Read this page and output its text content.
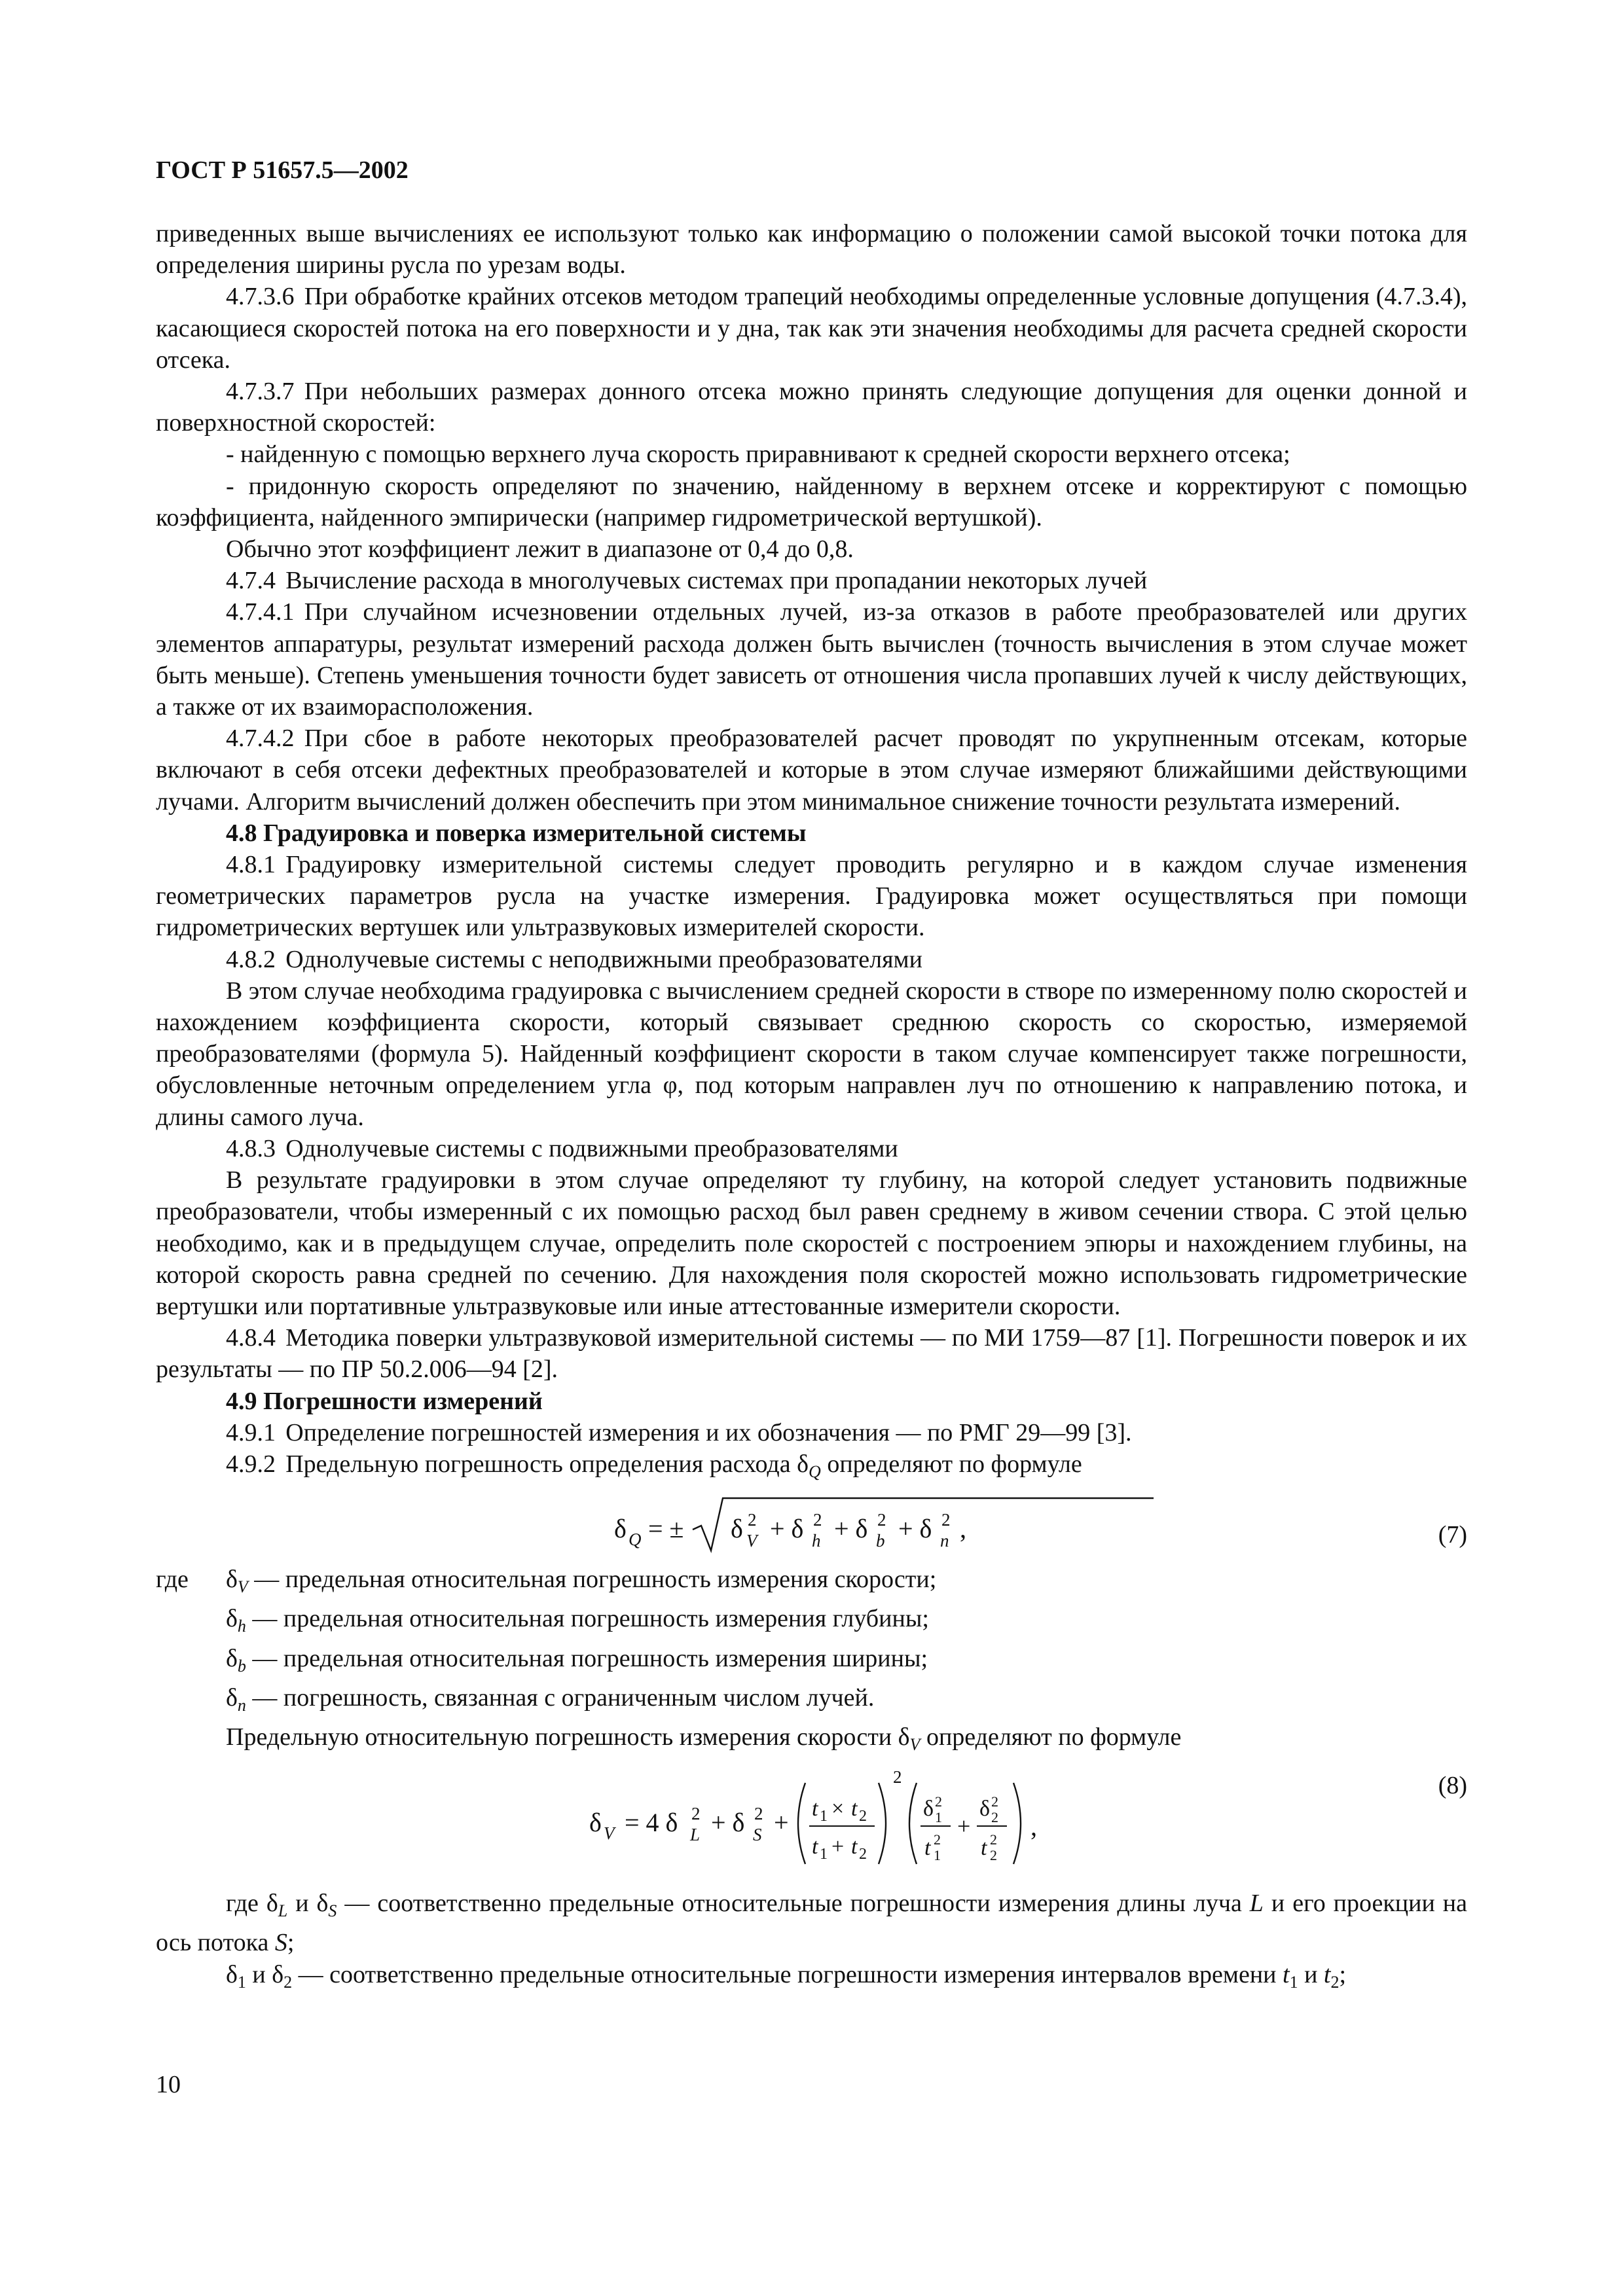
ГОСТ Р 51657.5—2002

приведенных выше вычислениях ее используют только как информацию о положении самой высокой точки потока для определения ширины русла по урезам воды.

4.7.3.6 При обработке крайних отсеков методом трапеций необходимы определенные условные допущения (4.7.3.4), касающиеся скоростей потока на его поверхности и у дна, так как эти значения необходимы для расчета средней скорости отсека.

4.7.3.7 При небольших размерах донного отсека можно принять следующие допущения для оценки донной и поверхностной скоростей:

- найденную с помощью верхнего луча скорость приравнивают к средней скорости верхнего отсека;

- придонную скорость определяют по значению, найденному в верхнем отсеке и корректируют с помощью коэффициента, найденного эмпирически (например гидрометрической вертушкой).

Обычно этот коэффициент лежит в диапазоне от 0,4 до 0,8.

4.7.4 Вычисление расхода в многолучевых системах при пропадании некоторых лучей

4.7.4.1 При случайном исчезновении отдельных лучей, из-за отказов в работе преобразователей или других элементов аппаратуры, результат измерений расхода должен быть вычислен (точность вычисления в этом случае может быть меньше). Степень уменьшения точности будет зависеть от отношения числа пропавших лучей к числу действующих, а также от их взаиморасположения.

4.7.4.2 При сбое в работе некоторых преобразователей расчет проводят по укрупненным отсекам, которые включают в себя отсеки дефектных преобразователей и которые в этом случае измеряют ближайшими действующими лучами. Алгоритм вычислений должен обеспечить при этом минимальное снижение точности результата измерений.

4.8 Градуировка и поверка измерительной системы

4.8.1 Градуировку измерительной системы следует проводить регулярно и в каждом случае изменения геометрических параметров русла на участке измерения. Градуировка может осуществляться при помощи гидрометрических вертушек или ультразвуковых измерителей скорости.

4.8.2 Однолучевые системы с неподвижными преобразователями

В этом случае необходима градуировка с вычислением средней скорости в створе по измеренному полю скоростей и нахождением коэффициента скорости, который связывает среднюю скорость со скоростью, измеряемой преобразователями (формула 5). Найденный коэффициент скорости в таком случае компенсирует также погрешности, обусловленные неточным определением угла φ, под которым направлен луч по отношению к направлению потока, и длины самого луча.

4.8.3 Однолучевые системы с подвижными преобразователями

В результате градуировки в этом случае определяют ту глубину, на которой следует установить подвижные преобразователи, чтобы измеренный с их помощью расход был равен среднему в живом сечении створа. С этой целью необходимо, как и в предыдущем случае, определить поле скоростей с построением эпюры и нахождением глубины, на которой скорость равна средней по сечению. Для нахождения поля скоростей можно использовать гидрометрические вертушки или портативные ультразвуковые или иные аттестованные измерители скорости.

4.8.4 Методика поверки ультразвуковой измерительной системы — по МИ 1759—87 [1]. Погрешности поверок и их результаты — по ПР 50.2.006—94 [2].

4.9 Погрешности измерений

4.9.1 Определение погрешностей измерения и их обозначения — по РМГ 29—99 [3].

4.9.2 Предельную погрешность определения расхода $\delta_Q$ определяют по формуле

δ Q = ± δ 2
V + δ 2
h + δ 2
b + δ 2
n ,	(7)
где $\delta_V$ — предельная относительная погрешность измерения скорости;
$\delta_h$ — предельная относительная погрешность измерения глубины;
$\delta_b$ — предельная относительная погрешность измерения ширины;
$\delta_n$ — погрешность, связанная с ограниченным числом лучей.

Предельную относительную погрешность измерения скорости $\delta_V$ определяют по формуле

δ V = 4 δ 2
L + δ 2
S + t 1 × t 2
t 1 + t 2
2
δ 2
1
t 2
1
+
δ 2
2
t 2
2
,
(8)

где $\delta_L$ и $\delta_S$ — соответственно предельные относительные погрешности измерения длины луча L и его проекции на ось потока S;

$\delta_1$ и $\delta_2$ — соответственно предельные относительные погрешности измерения интервалов времени $t_1$ и $t_2$;

10
